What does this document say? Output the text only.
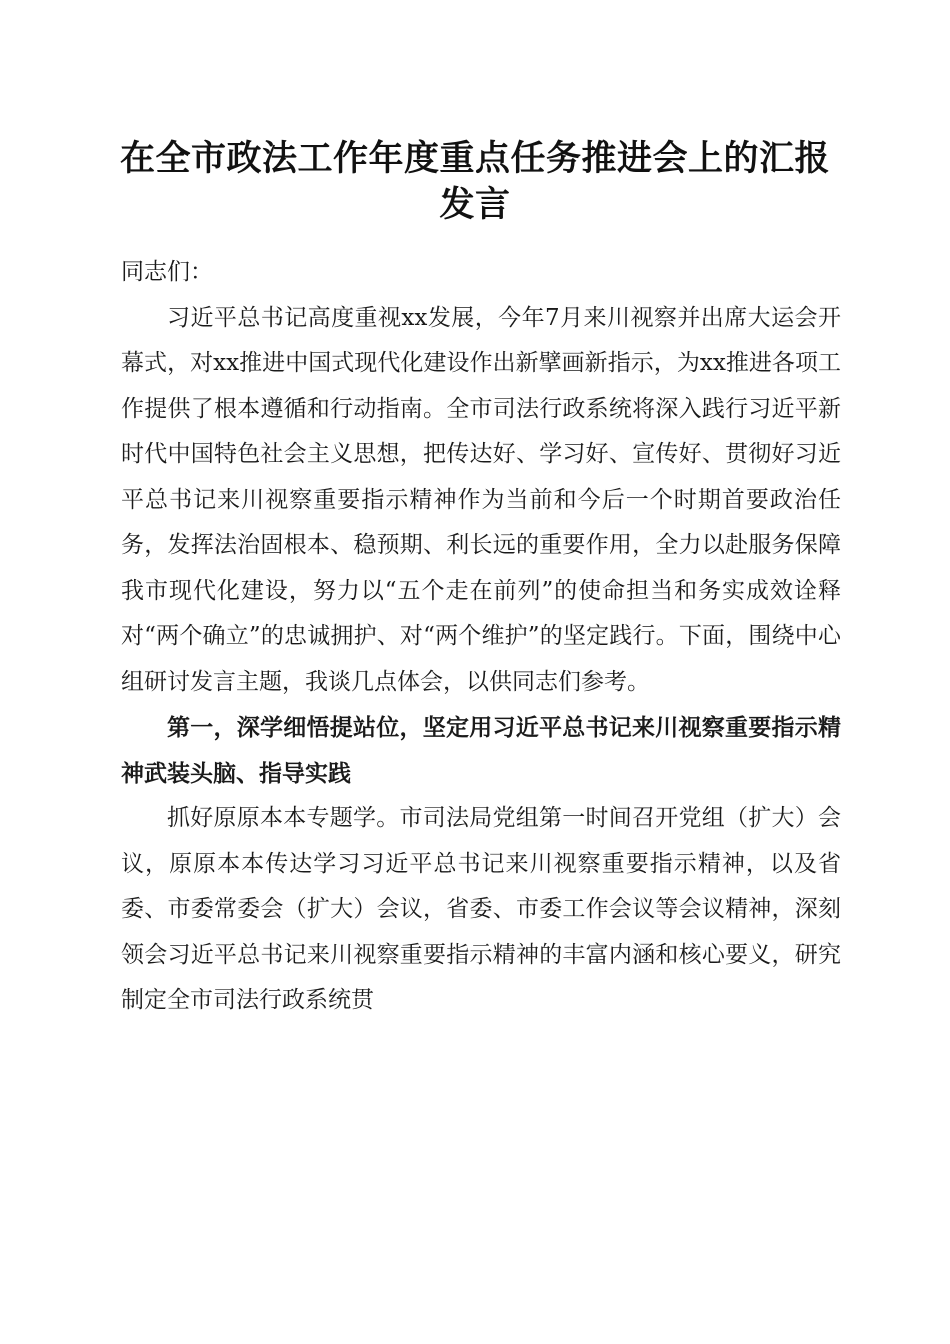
在全市政法工作年度重点任务推进会上的汇报
发言

同志们：

习近平总书记高度重视xx发展，今年7月来川视察并出席大运会开幕式，对xx推进中国式现代化建设作出新擘画新指示，为xx推进各项工作提供了根本遵循和行动指南。全市司法行政系统将深入践行习近平新时代中国特色社会主义思想，把传达好、学习好、宣传好、贯彻好习近平总书记来川视察重要指示精神作为当前和今后一个时期首要政治任务，发挥法治固根本、稳预期、利长远的重要作用，全力以赴服务保障我市现代化建设，努力以“五个走在前列”的使命担当和务实成效诠释对“两个确立”的忠诚拥护、对“两个维护”的坚定践行。下面，围绕中心组研讨发言主题，我谈几点体会，以供同志们参考。

第一，深学细悟提站位，坚定用习近平总书记来川视察重要指示精神武装头脑、指导实践

抓好原原本本专题学。市司法局党组第一时间召开党组（扩大）会议，原原本本传达学习习近平总书记来川视察重要指示精神，以及省委、市委常委会（扩大）会议，省委、市委工作会议等会议精神，深刻领会习近平总书记来川视察重要指示精神的丰富内涵和核心要义，研究制定全市司法行政系统贯
